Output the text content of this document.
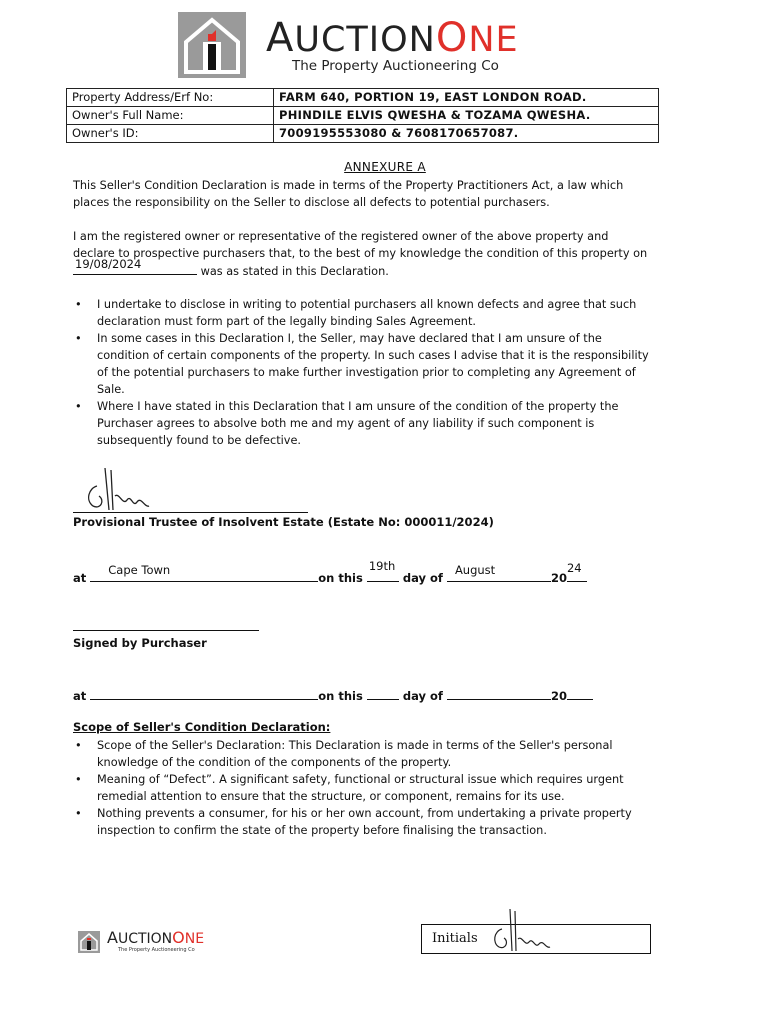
AUCTIONONE
The Property Auctioneering Co
Property Address/Erf No:	FARM 640, PORTION 19, EAST LONDON ROAD.
Owner's Full Name:	PHINDILE ELVIS QWESHA & TOZAMA QWESHA.
Owner's ID:	7009195553080 & 7608170657087.
ANNEXURE A
This Seller's Condition Declaration is made in terms of the Property Practitioners Act, a law which places the responsibility on the Seller to disclose all defects to potential purchasers.
I am the registered owner or representative of the registered owner of the above property and declare to prospective purchasers that, to the best of my knowledge the condition of this property on
19/08/2024
was as stated in this Declaration.
• I undertake to disclose in writing to potential purchasers all known defects and agree that such declaration must form part of the legally binding Sales Agreement.
• In some cases in this Declaration I, the Seller, may have declared that I am unsure of the condition of certain components of the property. In such cases I advise that it is the responsibility of the potential purchasers to make further investigation prior to completing any Agreement of Sale.
• Where I have stated in this Declaration that I am unsure of the condition of the property the Purchaser agrees to absolve both me and my agent of any liability if such component is subsequently found to be defective.
Provisional Trustee of Insolvent Estate (Estate No: 000011/2024)
at
Cape Town
on this
19th
day of
August
20
24
Signed by Purchaser
at	on this	day of	20
Scope of Seller's Condition Declaration:
• Scope of the Seller's Declaration: This Declaration is made in terms of the Seller's personal knowledge of the condition of the components of the property.
• Meaning of “Defect”. A significant safety, functional or structural issue which requires urgent remedial attention to ensure that the structure, or component, remains for its use.
• Nothing prevents a consumer, for his or her own account, from undertaking a private property inspection to confirm the state of the property before finalising the transaction.
AUCTIONONE
The Property Auctioneering Co
Initials
